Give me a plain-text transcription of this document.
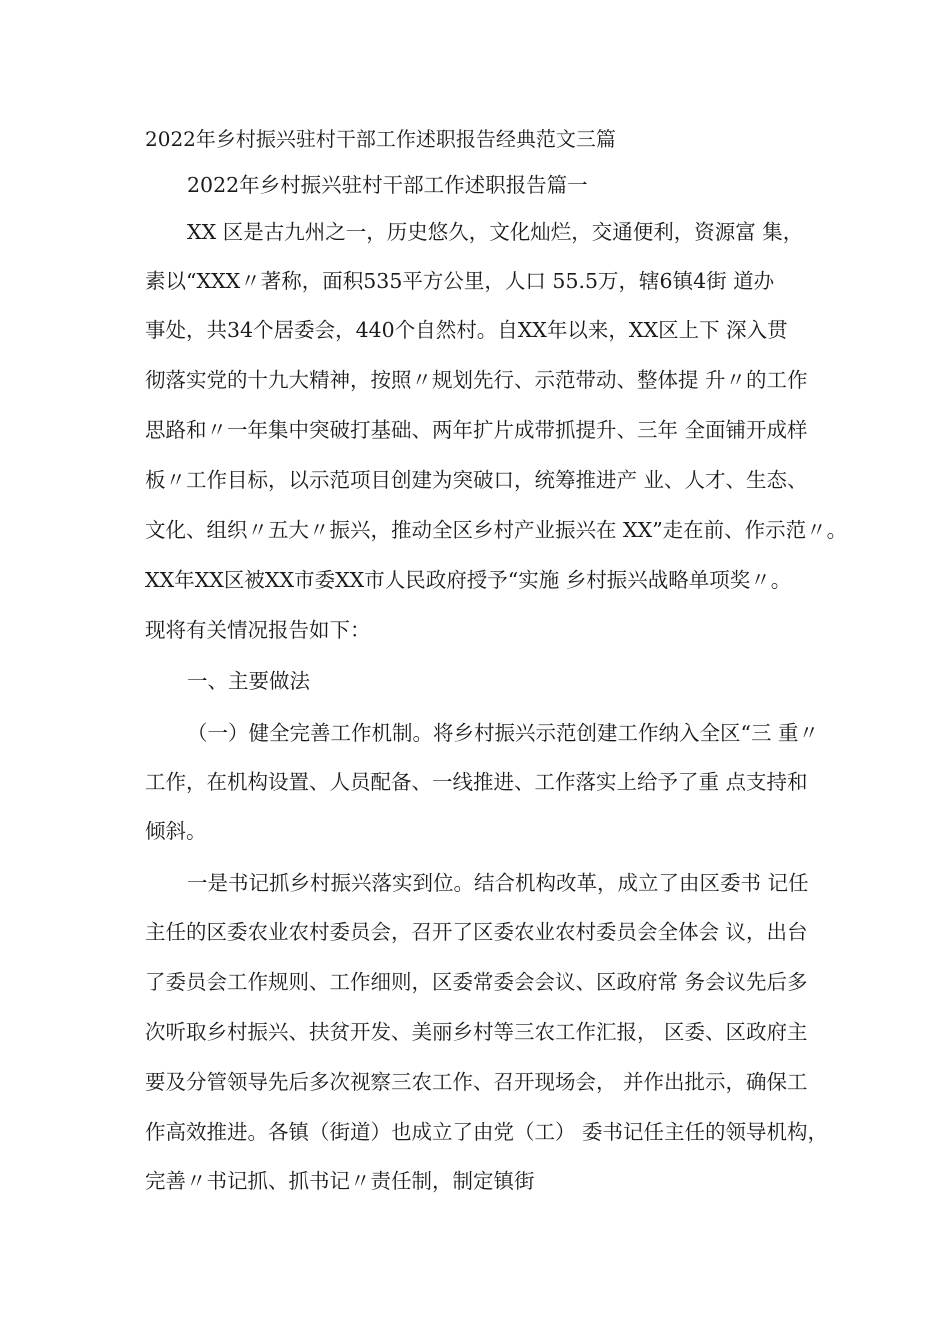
2022年乡村振兴驻村干部工作述职报告经典范文三篇
2022年乡村振兴驻村干部工作述职报告篇一
XX 区是古九州之一，历史悠久，文化灿烂，交通便利，资源富 集，
素以“XXX〃著称，面积535平方公里，人口 55.5万，辖6镇4街 道办
事处，共34个居委会，440个自然村。自XX年以来，XX区上下 深入贯
彻落实党的十九大精神，按照〃规划先行、示范带动、整体提 升〃的工作
思路和〃一年集中突破打基础、两年扩片成带抓提升、三年 全面铺开成样
板〃工作目标，以示范项目创建为突破口，统筹推进产 业、人才、生态、
文化、组织〃五大〃振兴，推动全区乡村产业振兴在 XX”走在前、作示范〃。
XX年XX区被XX市委XX市人民政府授予“实施 乡村振兴战略单项奖〃。
现将有关情况报告如下：
一、主要做法
（一）健全完善工作机制。将乡村振兴示范创建工作纳入全区“三 重〃
工作，在机构设置、人员配备、一线推进、工作落实上给予了重 点支持和
倾斜。
一是书记抓乡村振兴落实到位。结合机构改革，成立了由区委书 记任
主任的区委农业农村委员会，召开了区委农业农村委员会全体会 议，出台
了委员会工作规则、工作细则，区委常委会会议、区政府常 务会议先后多
次听取乡村振兴、扶贫开发、美丽乡村等三农工作汇报， 区委、区政府主
要及分管领导先后多次视察三农工作、召开现场会， 并作出批示，确保工
作高效推进。各镇（街道）也成立了由党（工） 委书记任主任的领导机构，
完善〃书记抓、抓书记〃责任制，制定镇街
